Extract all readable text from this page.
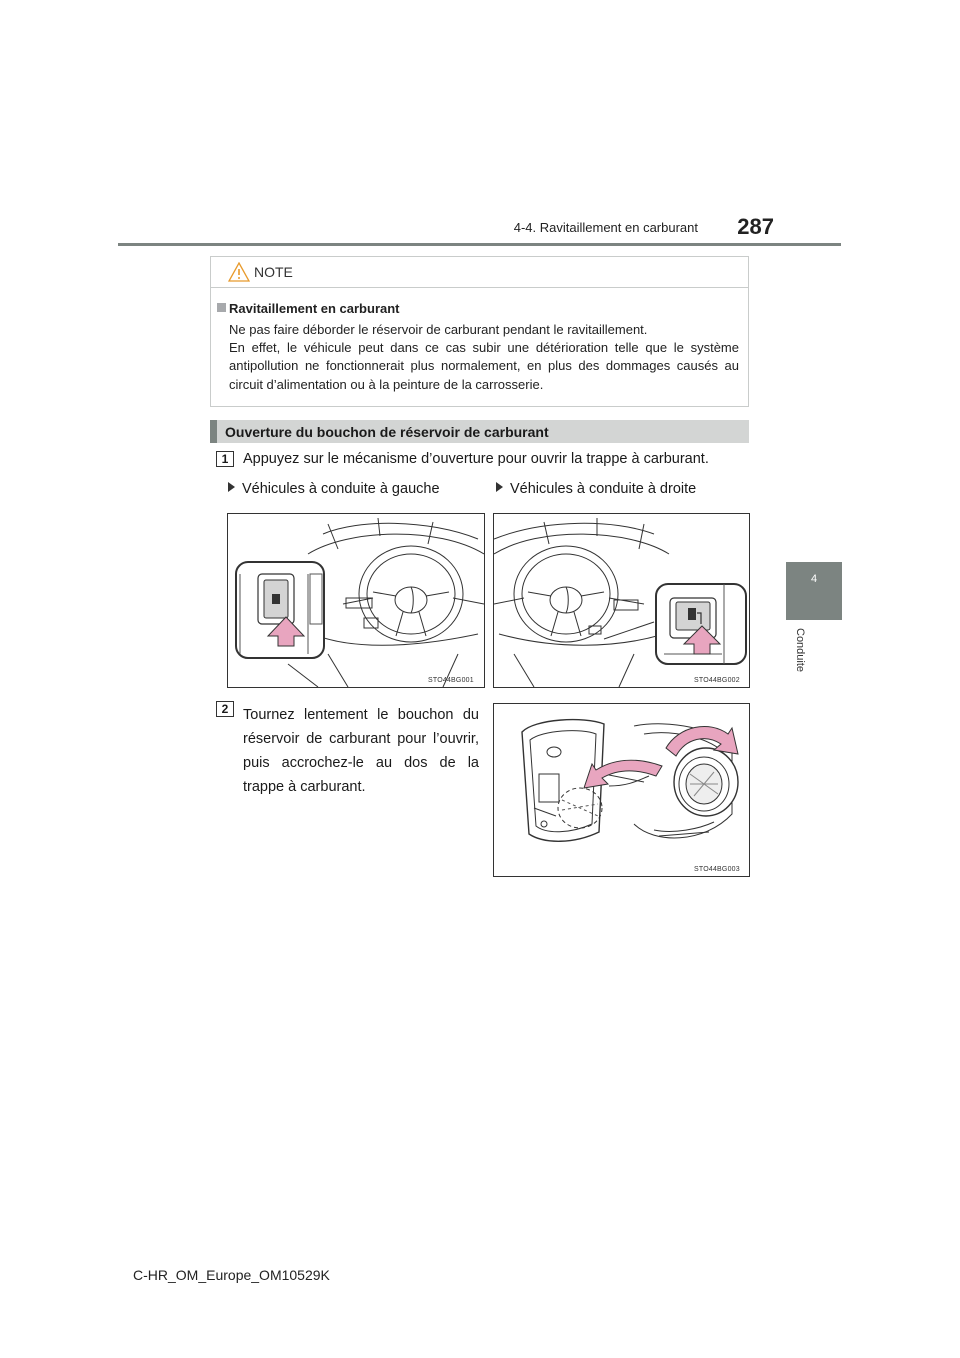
4-4. Ravitaillement en carburant	287
4
Conduite
NOTE
Ravitaillement en carburant

Ne pas faire déborder le réservoir de carburant pendant le ravitaillement.

En effet, le véhicule peut dans ce cas subir une détérioration telle que le système antipollution ne fonctionnerait plus normalement, en plus des dommages causés au circuit d’alimentation ou à la peinture de la carrosserie.

Ouverture du bouchon de réservoir de carburant
1	Appuyez sur le mécanisme d’ouverture pour ouvrir la trappe à carburant.
Véhicules à conduite à gauche	Véhicules à conduite à droite
STO44BG001	STO44BG002
2	Tournez lentement le bouchon du réservoir de carburant pour l’ouvrir, puis accrochez-le au dos de la trappe à carburant.
STO44BG003
C-HR_OM_Europe_OM10529K
